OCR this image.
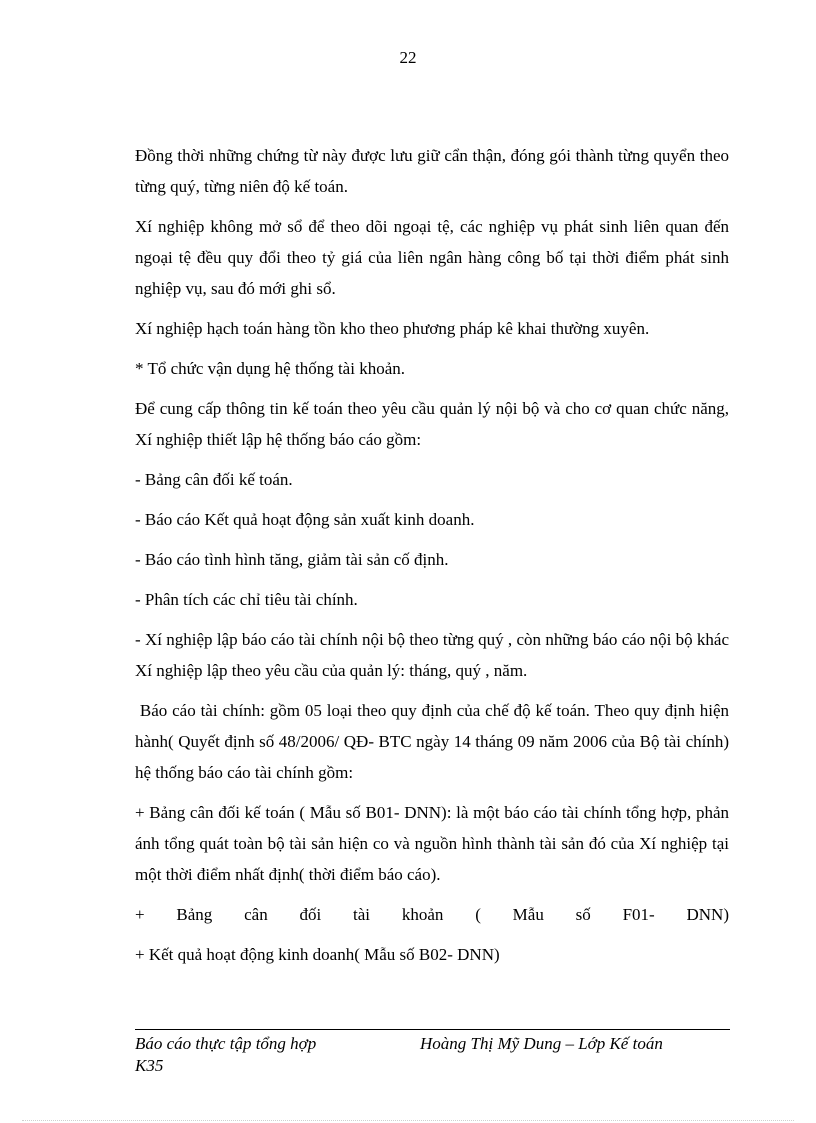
22

Đồng thời những chứng từ này được lưu giữ cẩn thận, đóng gói thành từng quyển theo từng quý, từng niên độ kế toán.

Xí nghiệp không mở sổ để theo dõi ngoại tệ, các nghiệp vụ phát sinh liên quan đến ngoại tệ đều quy đổi theo tỷ giá của liên ngân hàng công bố tại thời điểm phát sinh nghiệp vụ, sau đó mới ghi sổ.

Xí nghiệp hạch toán hàng tồn kho theo phương pháp kê khai thường xuyên.

* Tổ chức vận dụng hệ thống tài khoản.

Để cung cấp thông tin kế toán theo yêu cầu quản lý nội bộ và cho cơ quan chức năng, Xí nghiệp thiết lập hệ thống báo cáo gồm:

- Bảng cân đối kế toán.

- Báo cáo Kết quả hoạt động sản xuất kinh doanh.

- Báo cáo tình hình tăng, giảm tài sản cố định.

- Phân tích các chỉ tiêu tài chính.

- Xí nghiệp lập báo cáo tài chính nội bộ theo từng quý , còn những báo cáo nội bộ khác Xí nghiệp lập theo yêu cầu của quản lý: tháng, quý , năm.

Báo cáo tài chính: gồm 05 loại theo quy định của chế độ kế toán. Theo quy định hiện hành( Quyết định số 48/2006/ QĐ- BTC ngày 14 tháng 09 năm 2006 của Bộ tài chính) hệ thống báo cáo tài chính gồm:

+ Bảng cân đối kế toán ( Mẫu số B01- DNN): là một báo cáo tài chính tổng hợp, phản ánh tổng quát toàn bộ tài sản hiện co và nguồn hình thành tài sản đó của Xí nghiệp tại một thời điểm nhất định( thời điểm báo cáo).

+ Bảng cân đối tài khoản ( Mẫu số F01- DNN)

+ Kết quả hoạt động kinh doanh( Mẫu số B02- DNN)

Báo cáo thực tập tổng hợp	Hoàng Thị Mỹ Dung – Lớp Kế toán
K35
